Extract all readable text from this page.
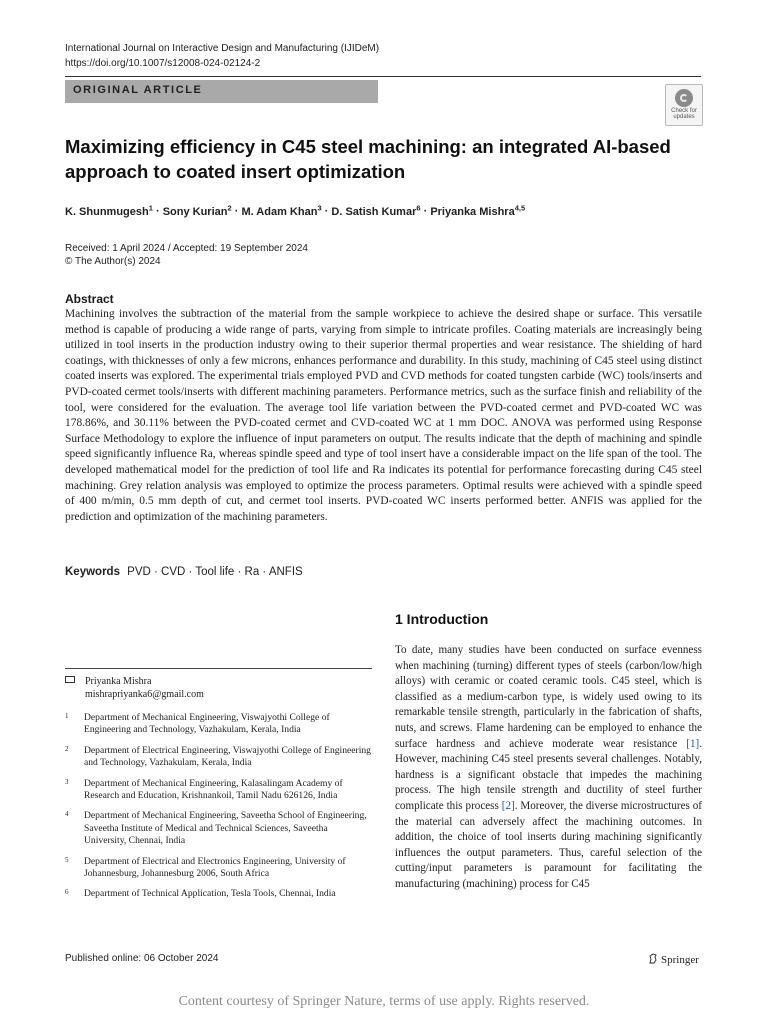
International Journal on Interactive Design and Manufacturing (IJIDeM)
https://doi.org/10.1007/s12008-024-02124-2
ORIGINAL ARTICLE
Check for
updates
Maximizing efficiency in C45 steel machining: an integrated AI-based approach to coated insert optimization
K. Shunmugesh$^1$ · Sony Kurian$^2$ · M. Adam Khan$^3$ · D. Satish Kumar$^6$ · Priyanka Mishra$^{4,5}$
Received: 1 April 2024 / Accepted: 19 September 2024
© The Author(s) 2024
Abstract
Machining involves the subtraction of the material from the sample workpiece to achieve the desired shape or surface. This versatile method is capable of producing a wide range of parts, varying from simple to intricate profiles. Coating materials are increasingly being utilized in tool inserts in the production industry owing to their superior thermal properties and wear resistance. The shielding of hard coatings, with thicknesses of only a few microns, enhances performance and durability. In this study, machining of C45 steel using distinct coated inserts was explored. The experimental trials employed PVD and CVD methods for coated tungsten carbide (WC) tools/inserts and PVD-coated cermet tools/inserts with different machining parameters. Performance metrics, such as the surface finish and reliability of the tool, were considered for the evaluation. The average tool life variation between the PVD-coated cermet and PVD-coated WC was 178.86%, and 30.11% between the PVD-coated cermet and CVD-coated WC at 1 mm DOC. ANOVA was performed using Response Surface Methodology to explore the influence of input parameters on output. The results indicate that the depth of machining and spindle speed significantly influence Ra, whereas spindle speed and type of tool insert have a considerable impact on the life span of the tool. The developed mathematical model for the prediction of tool life and Ra indicates its potential for performance forecasting during C45 steel machining. Grey relation analysis was employed to optimize the process parameters. Optimal results were achieved with a spindle speed of 400 m/min, 0.5 mm depth of cut, and cermet tool inserts. PVD-coated WC inserts performed better. ANFIS was applied for the prediction and optimization of the machining parameters.
Keywords PVD · CVD · Tool life · Ra · ANFIS
1 Introduction
To date, many studies have been conducted on surface evenness when machining (turning) different types of steels (carbon/low/high alloys) with ceramic or coated ceramic tools. C45 steel, which is classified as a medium-carbon type, is widely used owing to its remarkable tensile strength, particularly in the fabrication of shafts, nuts, and screws. Flame hardening can be employed to enhance the surface hardness and achieve moderate wear resistance [1]. However, machining C45 steel presents several challenges. Notably, hardness is a significant obstacle that impedes the machining process. The high tensile strength and ductility of steel further complicate this process [2]. Moreover, the diverse microstructures of the material can adversely affect the machining outcomes. In addition, the choice of tool inserts during machining significantly influences the output parameters. Thus, careful selection of the cutting/input parameters is paramount for facilitating the manufacturing (machining) process for C45
Priyanka Mishra
mishrapriyanka6@gmail.com
1 Department of Mechanical Engineering, Viswajyothi College of Engineering and Technology, Vazhakulam, Kerala, India
2 Department of Electrical Engineering, Viswajyothi College of Engineering and Technology, Vazhakulam, Kerala, India
3 Department of Mechanical Engineering, Kalasalingam Academy of Research and Education, Krishnankoil, Tamil Nadu 626126, India
4 Department of Mechanical Engineering, Saveetha School of Engineering, Saveetha Institute of Medical and Technical Sciences, Saveetha University, Chennai, India
5 Department of Electrical and Electronics Engineering, University of Johannesburg, Johannesburg 2006, South Africa
6 Department of Technical Application, Tesla Tools, Chennai, India
Published online: 06 October 2024	Springer
Content courtesy of Springer Nature, terms of use apply. Rights reserved.
